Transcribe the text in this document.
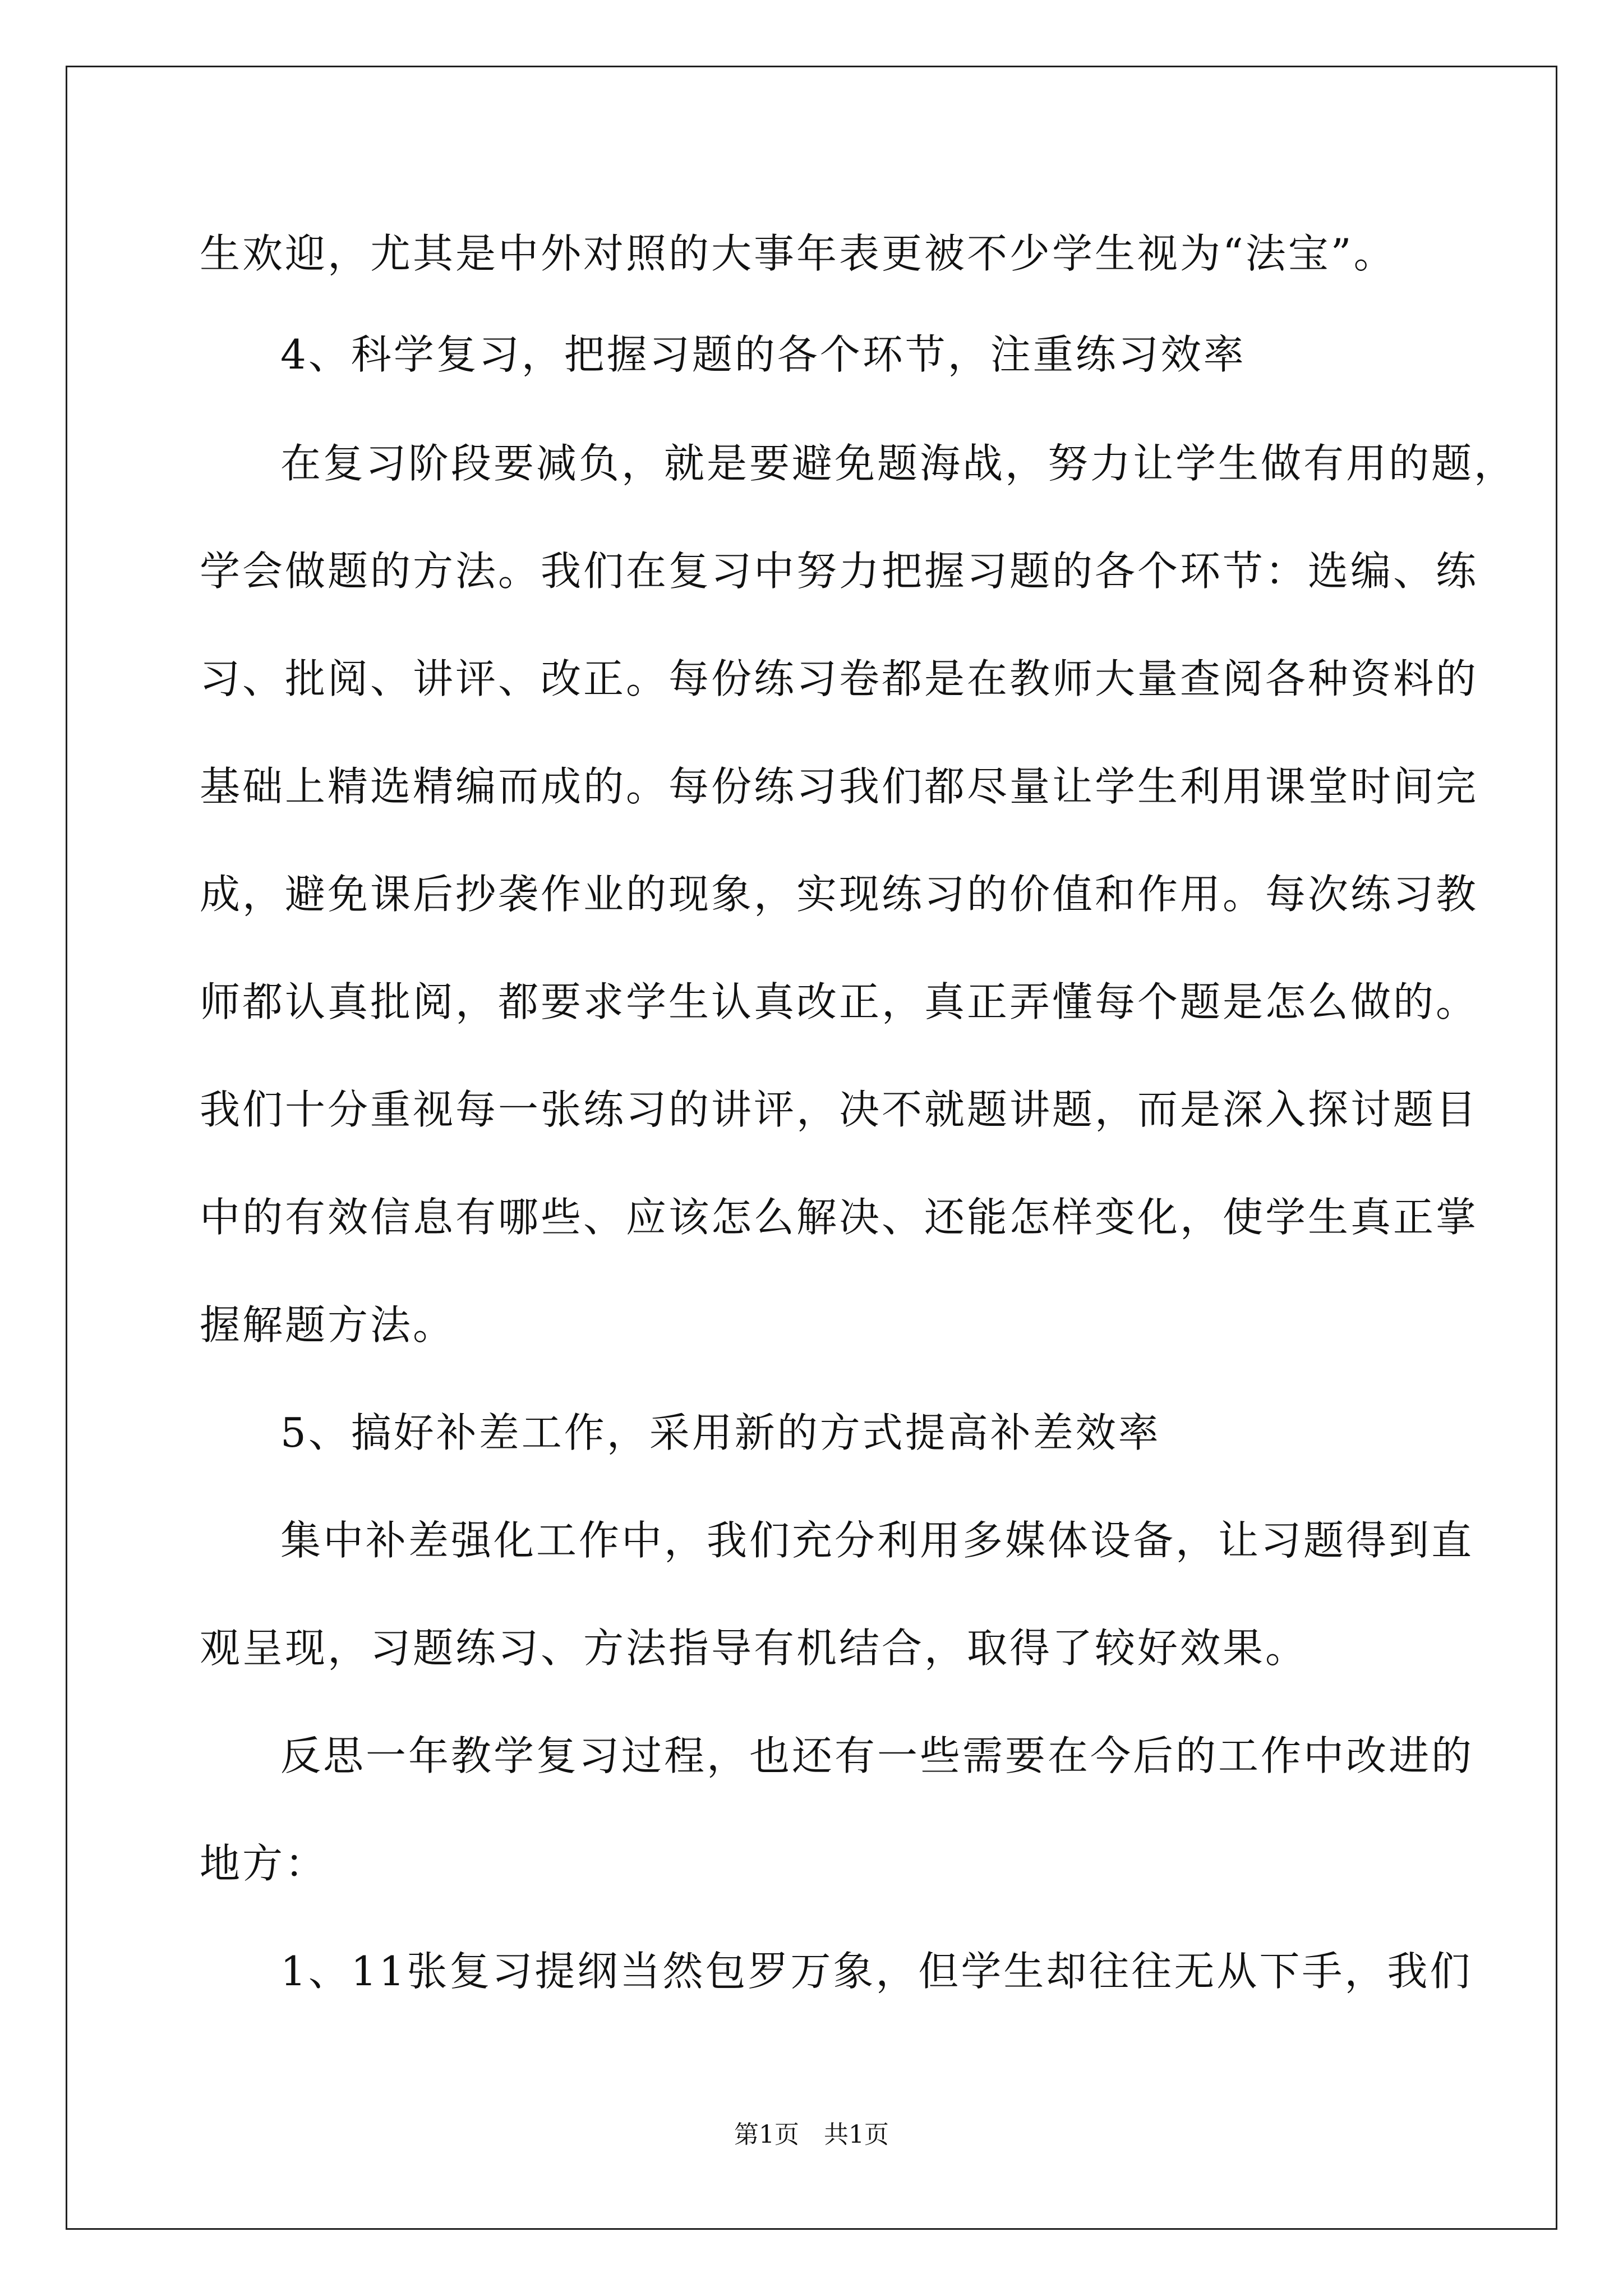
生欢迎，尤其是中外对照的大事年表更被不少学生视为“法宝”。
4、科学复习，把握习题的各个环节，注重练习效率
在复习阶段要减负，就是要避免题海战，努力让学生做有用的题，
学会做题的方法。我们在复习中努力把握习题的各个环节：选编、练
习、批阅、讲评、改正。每份练习卷都是在教师大量查阅各种资料的
基础上精选精编而成的。每份练习我们都尽量让学生利用课堂时间完
成，避免课后抄袭作业的现象，实现练习的价值和作用。每次练习教
师都认真批阅，都要求学生认真改正，真正弄懂每个题是怎么做的。
我们十分重视每一张练习的讲评，决不就题讲题，而是深入探讨题目
中的有效信息有哪些、应该怎么解决、还能怎样变化，使学生真正掌
握解题方法。
5、搞好补差工作，采用新的方式提高补差效率
集中补差强化工作中，我们充分利用多媒体设备，让习题得到直
观呈现，习题练习、方法指导有机结合，取得了较好效果。
反思一年教学复习过程，也还有一些需要在今后的工作中改进的
地方：
1、11张复习提纲当然包罗万象，但学生却往往无从下手，我们
第1页　共1页
